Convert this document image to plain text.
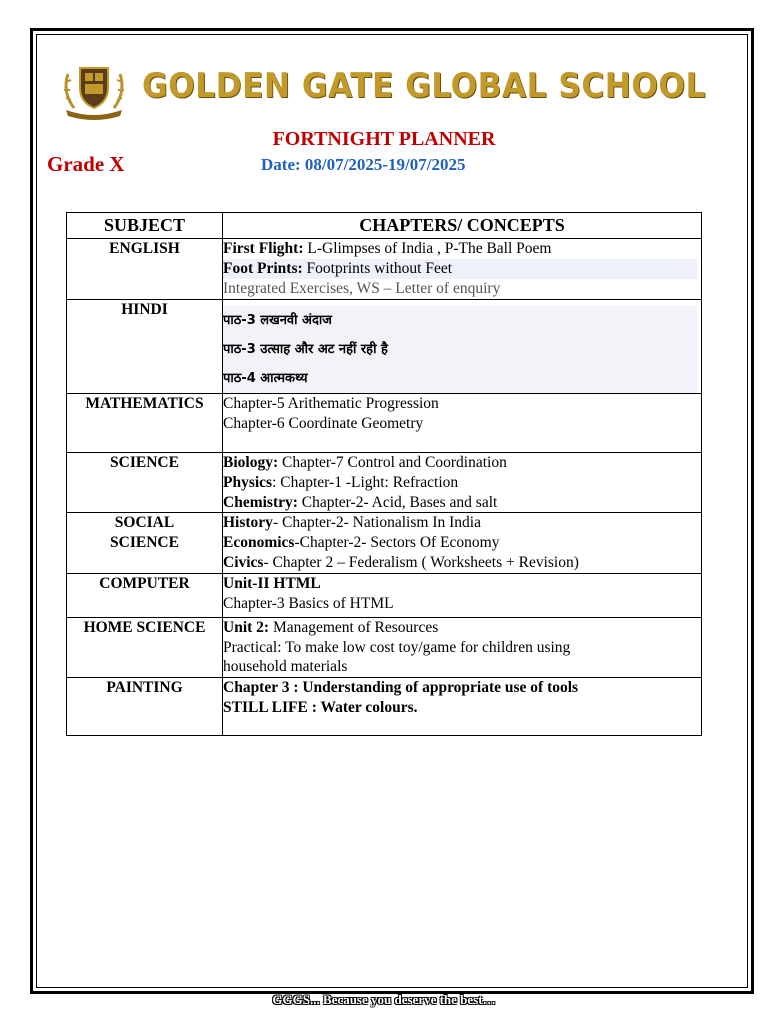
GOLDEN GATE GLOBAL SCHOOL
FORTNIGHT PLANNER
Grade X	Date: 08/07/2025-19/07/2025
SUBJECT	CHAPTERS/ CONCEPTS
ENGLISH	First Flight: L-Glimpses of India , P-The Ball Poem
Foot Prints: Footprints without Feet
Integrated Exercises, WS – Letter of enquiry

HINDI	पाठ-3 लखनवी अंदाज
पाठ-3 उत्साह और अट नहीं रही है
पाठ-4 आत्मकथ्य

MATHEMATICS	Chapter-5 Arithematic Progression
Chapter-6 Coordinate Geometry

SCIENCE	Biology: Chapter-7 Control and Coordination
Physics: Chapter-1 -Light: Refraction
Chemistry: Chapter-2- Acid, Bases and salt

SOCIAL
SCIENCE	History- Chapter-2- Nationalism In India
Economics-Chapter-2- Sectors Of Economy
Civics- Chapter 2 – Federalism ( Worksheets + Revision)

COMPUTER	Unit-II HTML
Chapter-3 Basics of HTML

HOME SCIENCE	Unit 2: Management of Resources
Practical: To make low cost toy/game for children using
household materials

PAINTING	Chapter 3 : Understanding of appropriate use of tools
STILL LIFE : Water colours.
GGGS... Because you deserve the best…
